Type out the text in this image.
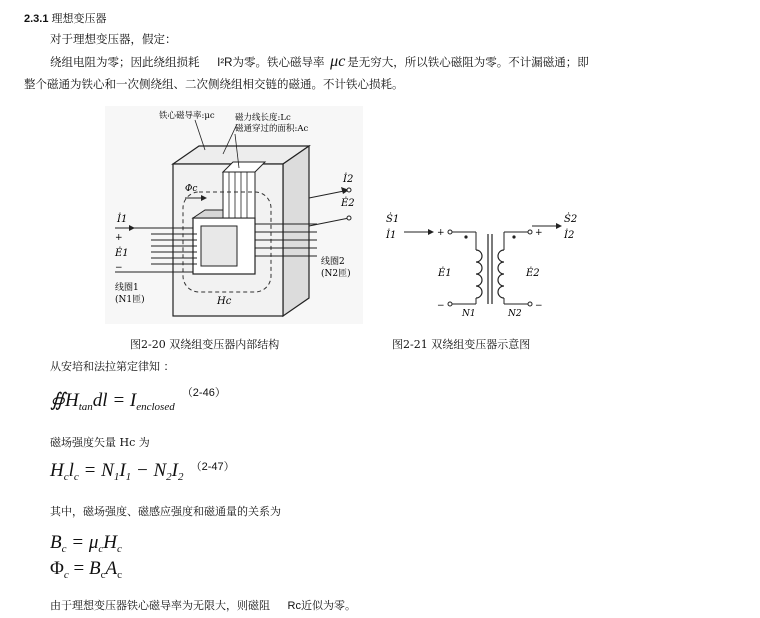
2.3.1 理想变压器
对于理想变压器，假定：
绕组电阻为零；因此绕组损耗 I²R为零。铁心磁导率 μc 是无穷大，所以铁心磁阻为零。不计漏磁通；即
整个磁通为铁心和一次侧绕组、二次侧绕组相交链的磁通。不计铁心损耗。
Φc
İ1
+
Ė1
−
线圈1
(N1匝)
İ2
Ė2
线圈2
(N2匝)
铁心磁导率:μc 磁力线长度:Lc
磁通穿过的面积:Ac
Hc
Ṡ1
İ1	+
−
Ė1
N1
+
−
Ė2
N2
Ṡ2
İ2
图2-20 双绕组变压器内部结构	图2-21 双绕组变压器示意图
从安培和法拉第定律知 ：
$∯H_{tan}dl = I_{enclosed}$ $^{(2-46)}$
磁场强度矢量 Hc 为
$H_cl_c = N_1I_1 - N_2I_2$ $^{(2-47)}$
其中，磁场强度、磁感应强度和磁通量的关系为
$B_c = \mu_cH_c$
$\Phi_c = B_cA_c$
由于理想变压器铁心磁导率为无限大，则磁阻 Rc近似为零。
